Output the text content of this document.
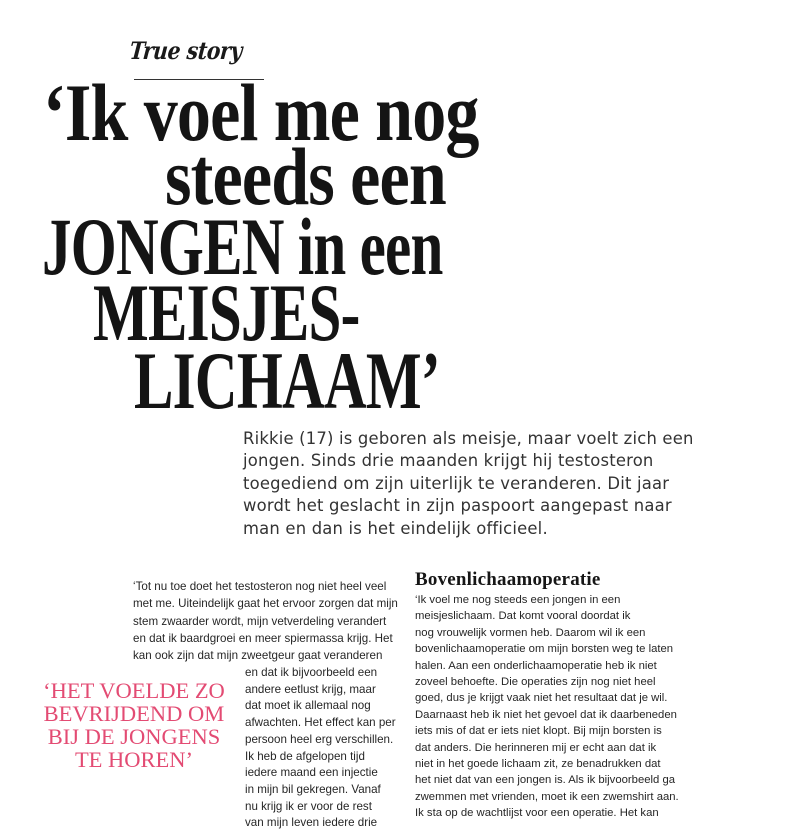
True story
‘Ik voel me nog
steeds een
JONGEN in een
MEISJES-
LICHAAM’
Rikkie (17) is geboren als meisje, maar voelt zich een
jongen. Sinds drie maanden krijgt hij testosteron
toegediend om zijn uiterlijk te veranderen. Dit jaar
wordt het geslacht in zijn paspoort aangepast naar
man en dan is het eindelijk officieel.
‘Tot nu toe doet het testosteron nog niet heel veel
met me. Uiteindelijk gaat het ervoor zorgen dat mijn
stem zwaarder wordt, mijn vetverdeling verandert
en dat ik baardgroei en meer spiermassa krijg. Het
kan ook zijn dat mijn zweetgeur gaat veranderen
en dat ik bijvoorbeeld een
andere eetlust krijg, maar
dat moet ik allemaal nog
afwachten. Het effect kan per
persoon heel erg verschillen.
Ik heb de afgelopen tijd
iedere maand een injectie
in mijn bil gekregen. Vanaf
nu krijg ik er voor de rest
van mijn leven iedere drie
‘HET VOELDE ZO
BEVRIJDEND OM
BIJ DE JONGENS
TE HOREN’
Bovenlichaamoperatie
‘Ik voel me nog steeds een jongen in een
meisjeslichaam. Dat komt vooral doordat ik
nog vrouwelijk vormen heb. Daarom wil ik een
bovenlichaamoperatie om mijn borsten weg te laten
halen. Aan een onderlichaamoperatie heb ik niet
zoveel behoefte. Die operaties zijn nog niet heel
goed, dus je krijgt vaak niet het resultaat dat je wil.
Daarnaast heb ik niet het gevoel dat ik daarbeneden
iets mis of dat er iets niet klopt. Bij mijn borsten is
dat anders. Die herinneren mij er echt aan dat ik
niet in het goede lichaam zit, ze benadrukken dat
het niet dat van een jongen is. Als ik bijvoorbeeld ga
zwemmen met vrienden, moet ik een zwemshirt aan.
Ik sta op de wachtlijst voor een operatie. Het kan
